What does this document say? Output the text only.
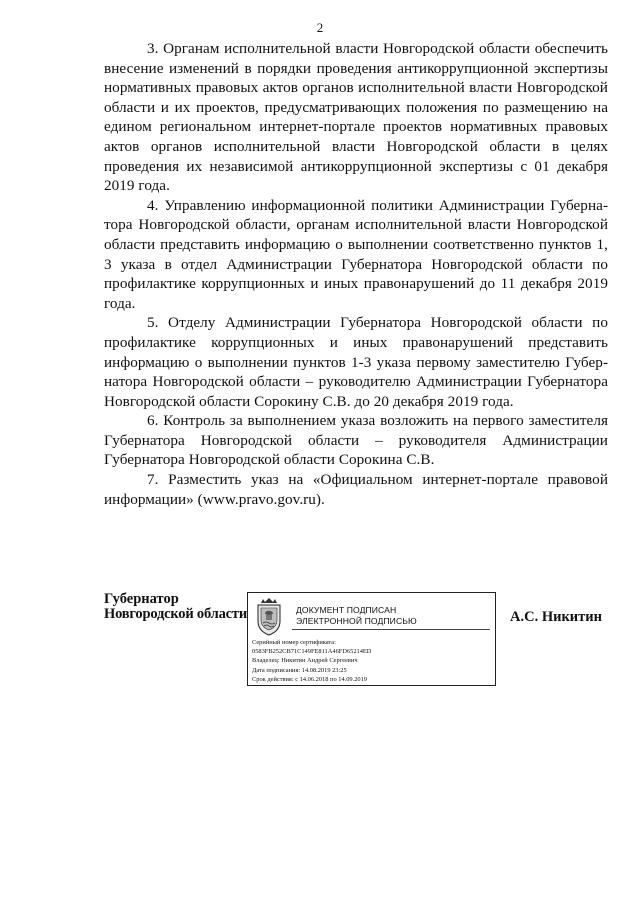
2

3. Органам исполнительной власти Новгородской области обеспечить внесение изменений в порядки проведения антикоррупционной экспертизы нормативных правовых актов органов исполнительной власти Новгородской области и их проектов, предусматривающих положения по размещению на едином региональном интернет-портале проектов нормативных правовых актов органов исполнительной власти Новгородской области в целях проведения их независимой антикоррупционной экспертизы с 01 декабря 2019 года.

4. Управлению информационной политики Администрации Губернатора Новгородской области, органам исполнительной власти Новгородской области представить информацию о выполнении соответственно пунктов 1, 3 указа в отдел Администрации Губернатора Новгородской области по профилактике коррупционных и иных правонарушений до 11 декабря 2019 года.

5. Отделу Администрации Губернатора Новгородской области по профилактике коррупционных и иных правонарушений представить информацию о выполнении пунктов 1-3 указа первому заместителю Губернатора Новгородской области – руководителю Администрации Губернатора Новгородской области Сорокину С.В. до 20 декабря 2019 года.

6. Контроль за выполнением указа возложить на первого заместителя Губернатора Новгородской области – руководителя Администрации Губернатора Новгородской области Сорокина С.В.

7. Разместить указ на «Официальном интернет-портале правовой информации» (www.pravo.gov.ru).

Губернатор
Новгородской области	ДОКУМЕНТ ПОДПИСАН
ЭЛЕКТРОННОЙ ПОДПИСЬЮ
Серийный номер сертификата:
0583FB252CB71C149FE811A46FD65214ED
Владелец: Никитин Андрей Сергеевич
Дата подписания: 14.08.2019 23:25
Срок действия: с 14.06.2018 по 14.09.2019
А.С. Никитин
